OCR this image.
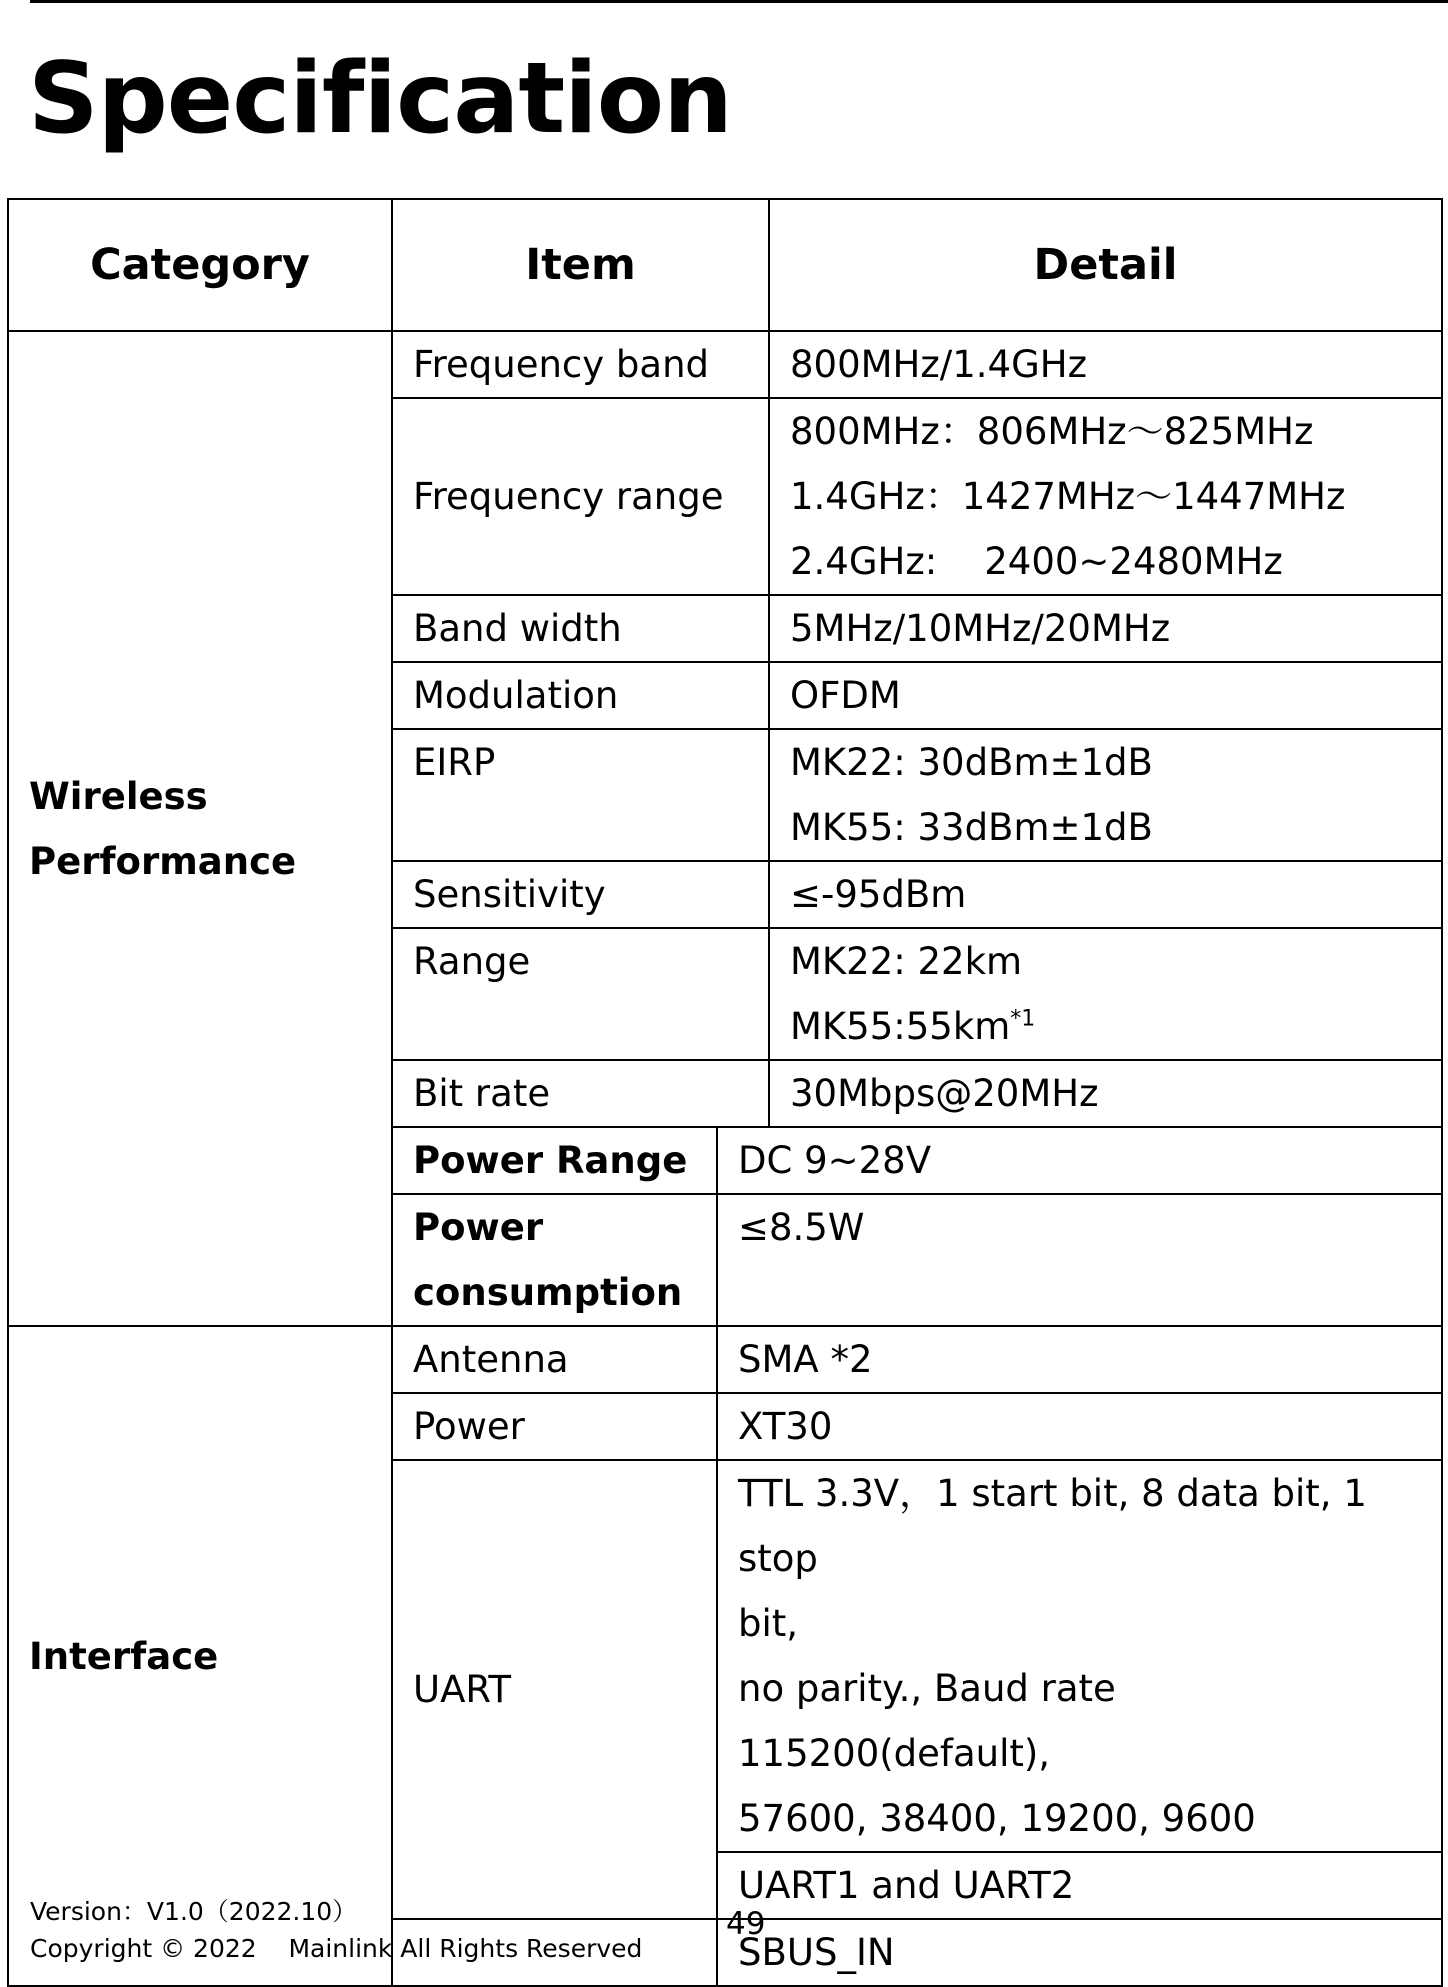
Specification
Category	Item		Detail

Wireless
Performance	Frequency band		800MHz/1.4GHz
	Frequency range		800MHz：806MHz～825MHz
1.4GHz：1427MHz～1447MHz
2.4GHz:    2400~2480MHz

	Band width		5MHz/10MHz/20MHz
	Modulation		OFDM
	EIRP		MK22: 30dBm±1dB
MK55: 33dBm±1dB

	Sensitivity		≤-95dBm
	Range		MK22: 22km
$MK55:55km^{*1}$

	Bit rate		30Mbps@20MHz
	Power Range	DC 9~28V	

	Power
consumption	≤8.5W	
Interface	Antenna	SMA *2	
	Power	XT30	
	UART	TTL 3.3V，1 start bit, 8 data bit, 1 stop
bit,
no parity., Baud rate 115200(default),
57600, 38400, 19200, 9600	

		UART1 and UART2	
		SBUS_IN	
Version：V1.0（2022.10）
Copyright © 2022    Mainlink All Rights Reserved
49
